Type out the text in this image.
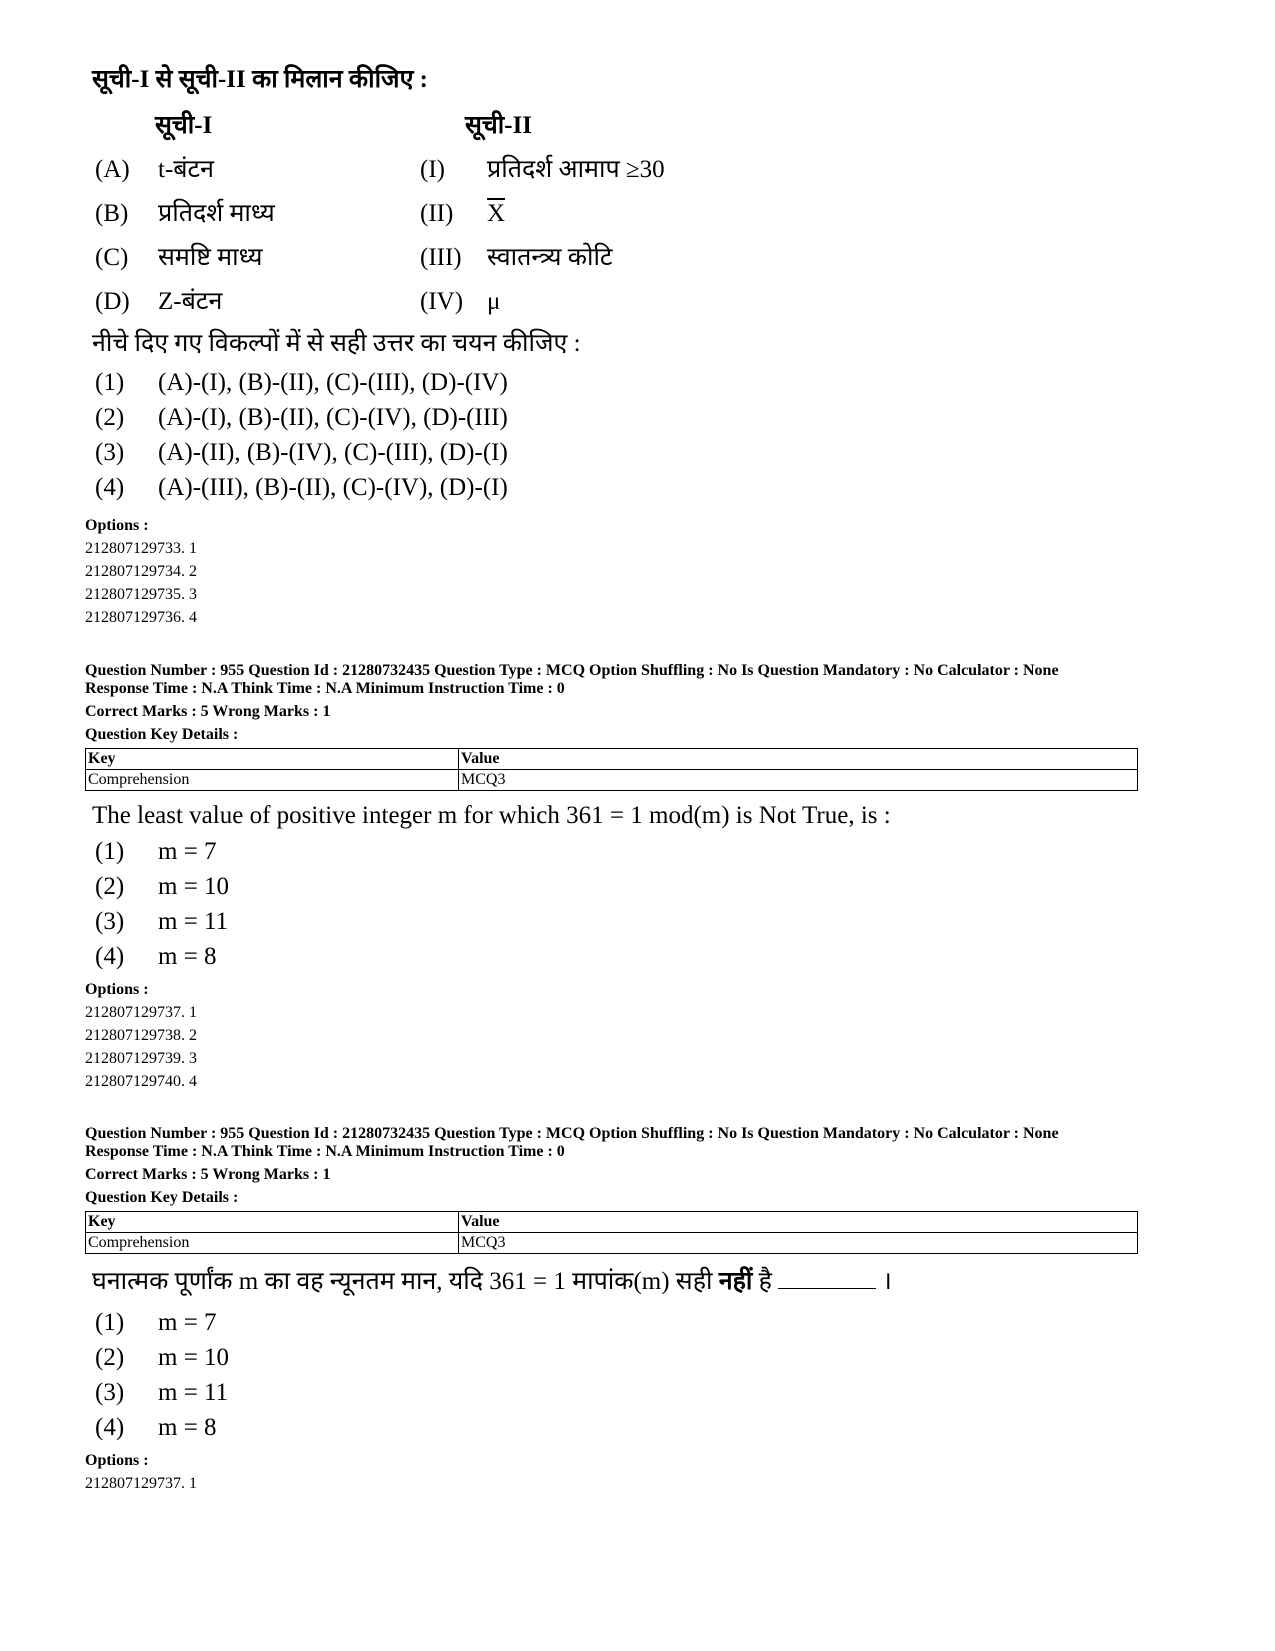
सूची-I से सूची-II का मिलान कीजिए :
सूची-I	सूची-II
(A) t-बंटन	(I) प्रतिदर्श आमाप ≥30
(B) प्रतिदर्श माध्य	(II) $\overline{X}$
(C) समष्टि माध्य	(III) स्वातन्त्र्य कोटि
(D) Z-बंटन	(IV) μ
नीचे दिए गए विकल्पों में से सही उत्तर का चयन कीजिए :
(1) (A)-(I), (B)-(II), (C)-(III), (D)-(IV)
(2) (A)-(I), (B)-(II), (C)-(IV), (D)-(III)
(3) (A)-(II), (B)-(IV), (C)-(III), (D)-(I)
(4) (A)-(III), (B)-(II), (C)-(IV), (D)-(I)
Options :
212807129733. 1
212807129734. 2
212807129735. 3
212807129736. 4
Question Number : 955 Question Id : 21280732435 Question Type : MCQ Option Shuffling : No Is Question Mandatory : No Calculator : None
Response Time : N.A Think Time : N.A Minimum Instruction Time : 0
Correct Marks : 5 Wrong Marks : 1
Question Key Details :
Key	Value
Comprehension	MCQ3
The least value of positive integer m for which 361 = 1 mod(m) is Not True, is :
(1) m = 7
(2) m = 10
(3) m = 11
(4) m = 8
Options :
212807129737. 1
212807129738. 2
212807129739. 3
212807129740. 4
Question Number : 955 Question Id : 21280732435 Question Type : MCQ Option Shuffling : No Is Question Mandatory : No Calculator : None
Response Time : N.A Think Time : N.A Minimum Instruction Time : 0
Correct Marks : 5 Wrong Marks : 1
Question Key Details :
Key	Value
Comprehension	MCQ3
घनात्मक पूर्णांक m का वह न्यूनतम मान, यदि 361 = 1 मापांक(m) सही नहीं है	।
(1) m = 7
(2) m = 10
(3) m = 11
(4) m = 8
Options :
212807129737. 1
